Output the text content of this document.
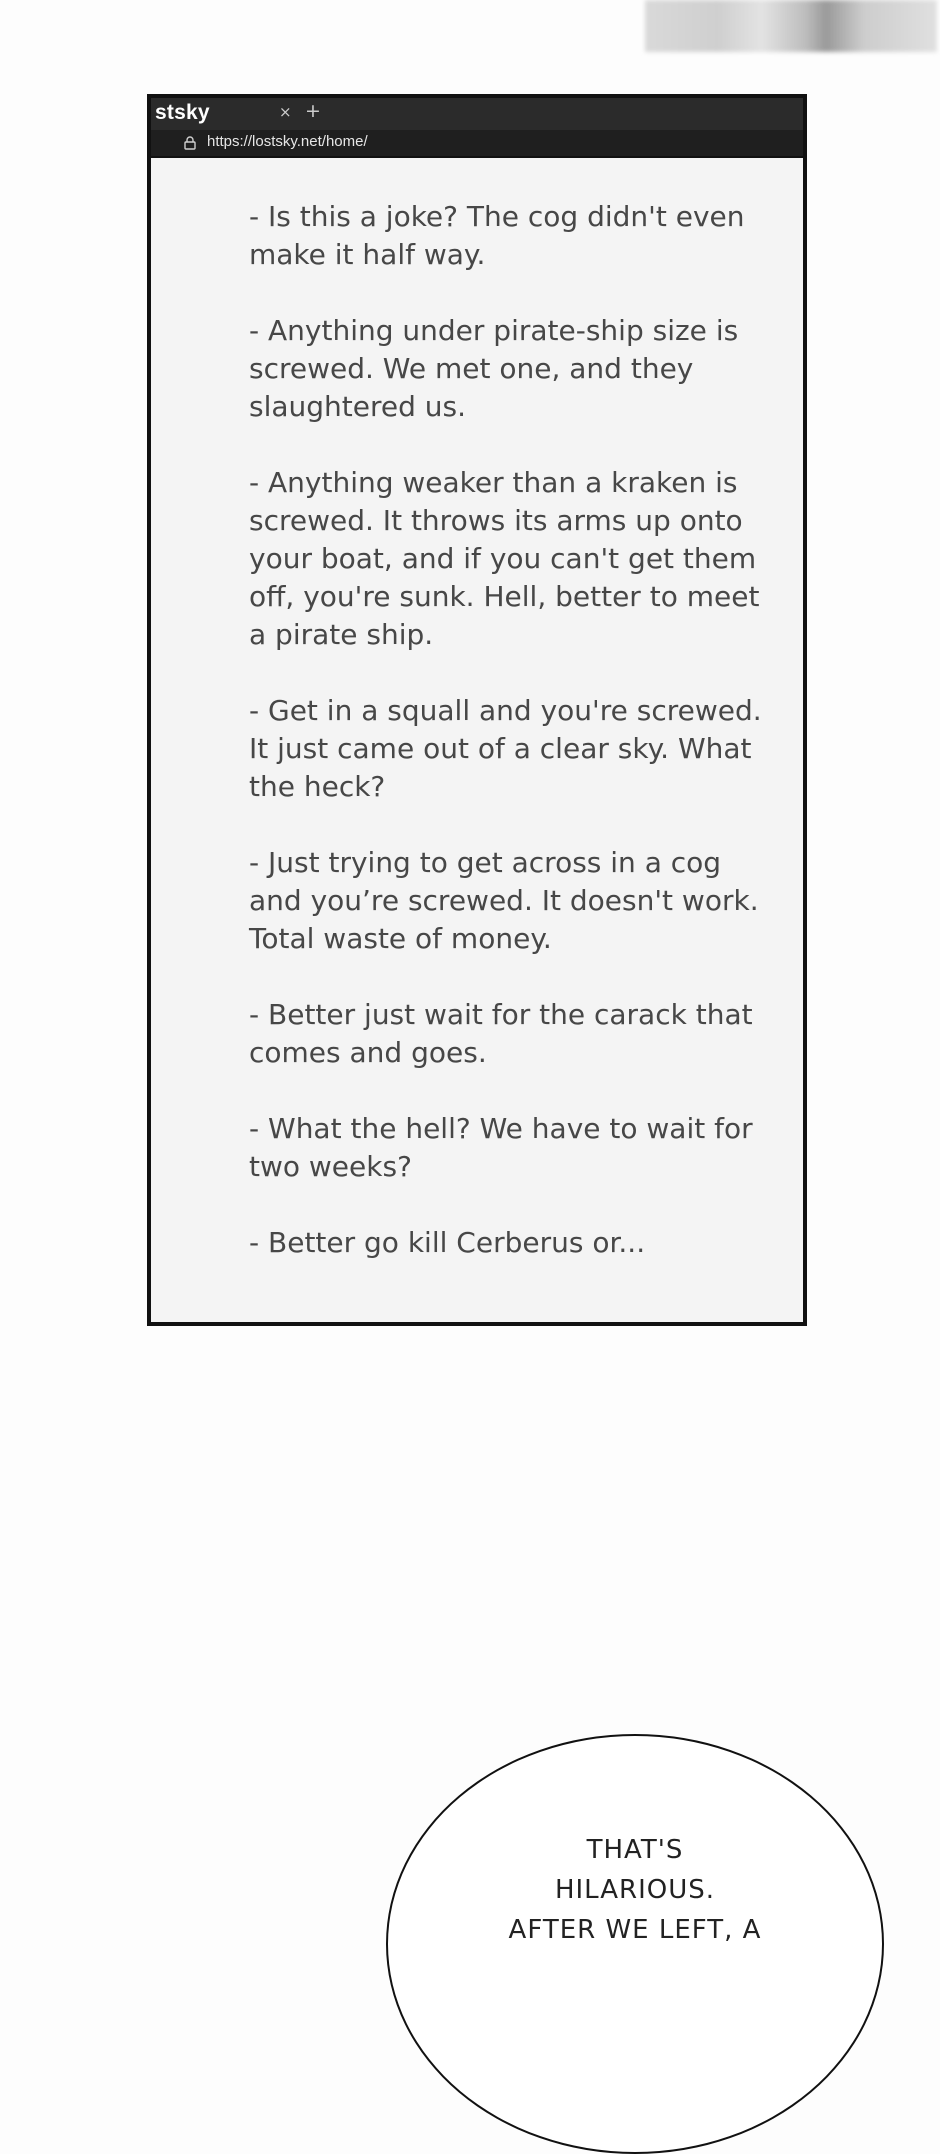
stsky	× +
https://lostsky.net/home/

- Is this a joke? The cog didn't even make it half way.

- Anything under pirate-ship size is screwed. We met one, and they slaughtered us.

- Anything weaker than a kraken is screwed. It throws its arms up onto your boat, and if you can't get them off, you're sunk. Hell, better to meet a pirate ship.

- Get in a squall and you're screwed. It just came out of a clear sky. What the heck?

- Just trying to get across in a cog and you’re screwed. It doesn't work. Total waste of money.

- Better just wait for the carack that comes and goes.

- What the hell? We have to wait for two weeks?

- Better go kill Cerberus or...

THAT'S
HILARIOUS.
AFTER WE LEFT, A
